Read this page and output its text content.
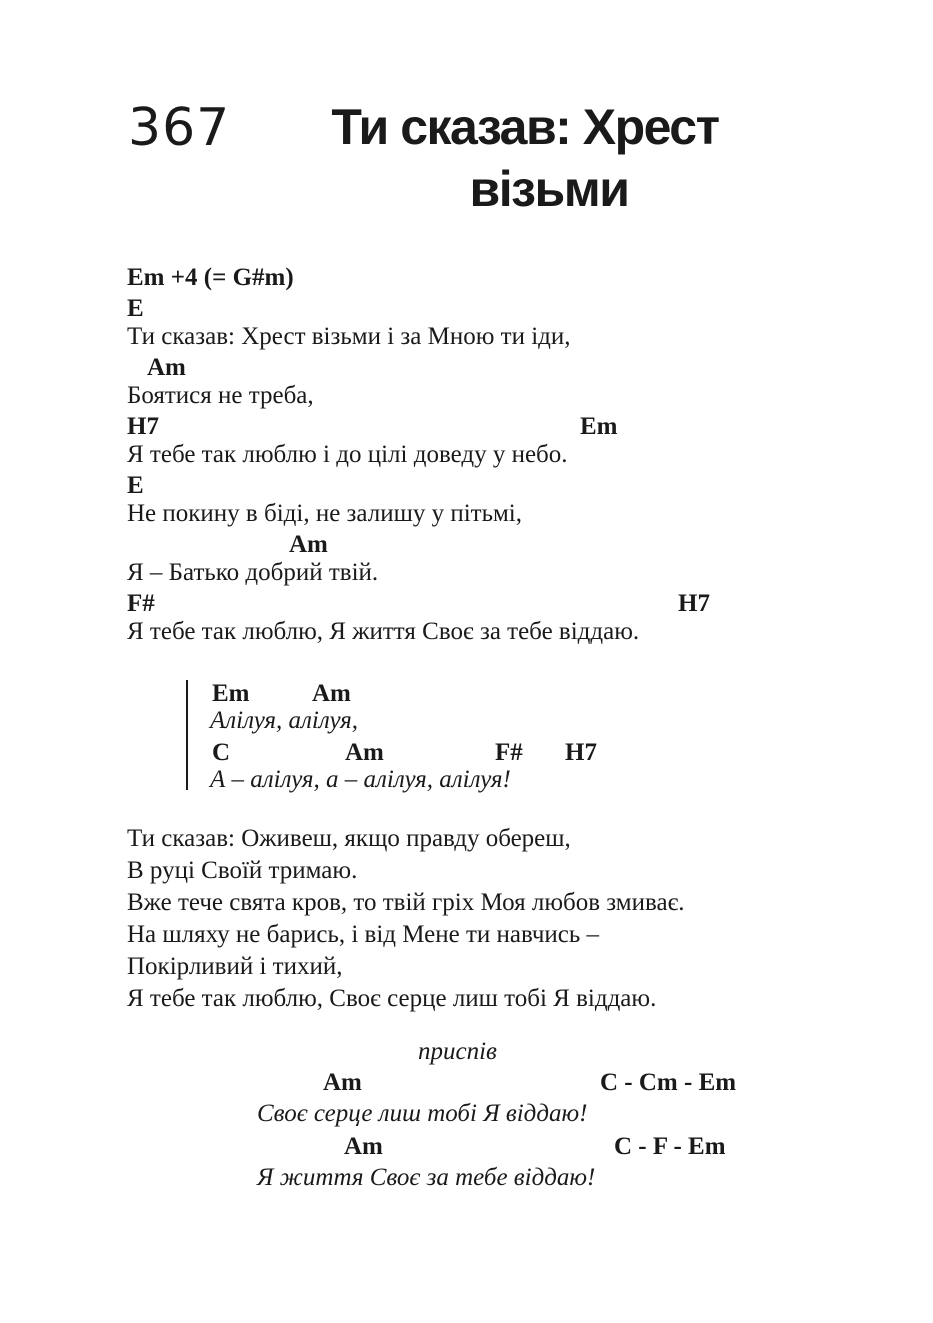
367	Ти сказав: Хрест
візьми
Em +4 (= G#m)
E
Ти сказав: Хрест візьми і за Мною ти іди,
Am
Боятися не треба,
H7	Em
Я тебе так люблю і до цілі доведу у небо.
E
Не покину в біді, не залишу у пітьмі,
Am
Я – Батько добрий твій.
F#	H7
Я тебе так люблю, Я життя Своє за тебе віддаю.
Em	Am
Алілуя, алілуя,
C	Am	F# H7
А – алілуя, а – алілуя, алілуя!
Ти сказав: Оживеш, якщо правду обереш,
В руці Своїй тримаю.
Вже тече свята кров, то твій гріх Моя любов змиває.
На шляху не барись, і від Мене ти навчись –
Покірливий і тихий,
Я тебе так люблю, Своє серце лиш тобі Я віддаю.
приспів
Am	C - Cm - Em
Своє серце лиш тобі Я віддаю!
Am	C - F - Em
Я життя Своє за тебе віддаю!
